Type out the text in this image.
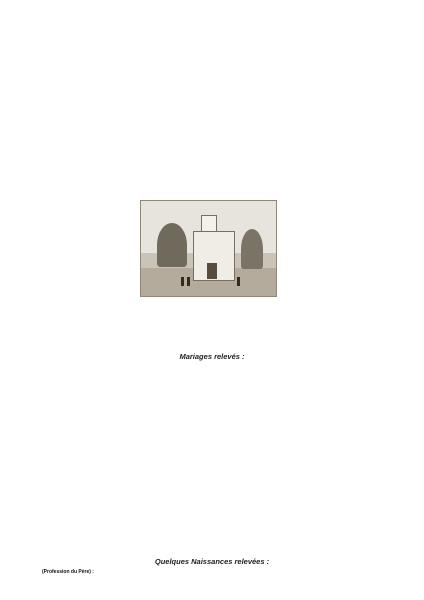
Mariages relevés :
Quelques Naissances relevées :
(Profession du Père) :
